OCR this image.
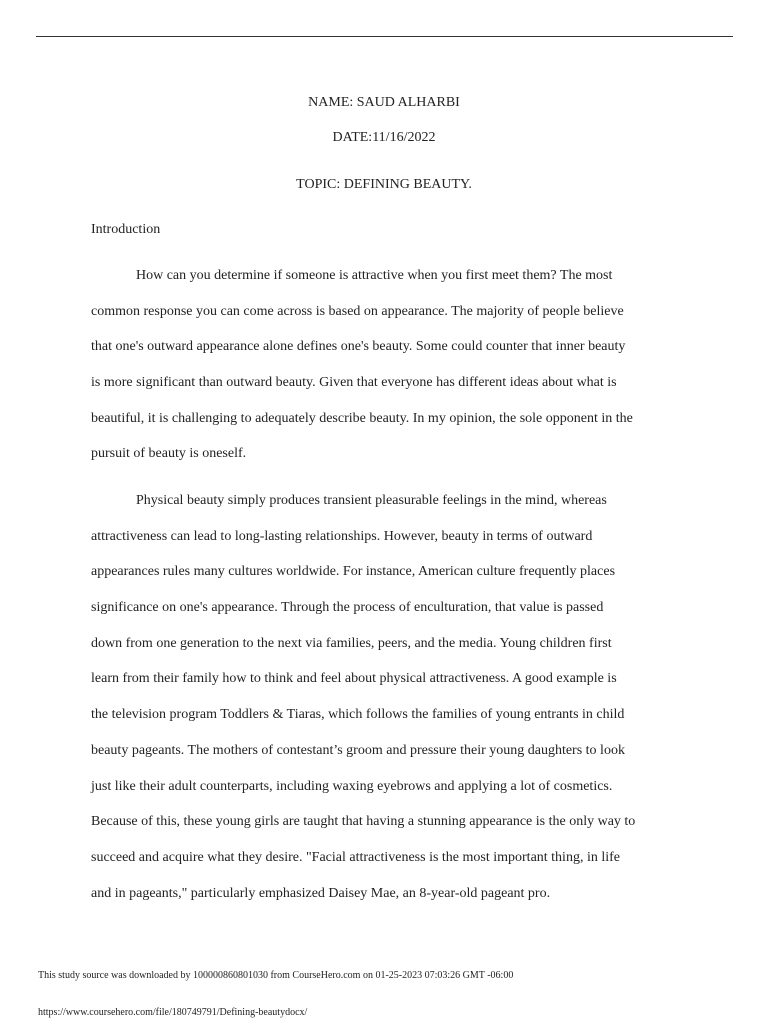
NAME: SAUD ALHARBI
DATE:11/16/2022
TOPIC: DEFINING BEAUTY.
Introduction
How can you determine if someone is attractive when you first meet them? The most
common response you can come across is based on appearance. The majority of people believe
that one's outward appearance alone defines one's beauty. Some could counter that inner beauty
is more significant than outward beauty. Given that everyone has different ideas about what is
beautiful, it is challenging to adequately describe beauty. In my opinion, the sole opponent in the
pursuit of beauty is oneself.
Physical beauty simply produces transient pleasurable feelings in the mind, whereas
attractiveness can lead to long-lasting relationships. However, beauty in terms of outward
appearances rules many cultures worldwide. For instance, American culture frequently places
significance on one's appearance. Through the process of enculturation, that value is passed
down from one generation to the next via families, peers, and the media. Young children first
learn from their family how to think and feel about physical attractiveness. A good example is
the television program Toddlers & Tiaras, which follows the families of young entrants in child
beauty pageants. The mothers of contestant’s groom and pressure their young daughters to look
just like their adult counterparts, including waxing eyebrows and applying a lot of cosmetics.
Because of this, these young girls are taught that having a stunning appearance is the only way to
succeed and acquire what they desire. "Facial attractiveness is the most important thing, in life
and in pageants," particularly emphasized Daisey Mae, an 8-year-old pageant pro.
This study source was downloaded by 100000860801030 from CourseHero.com on 01-25-2023 07:03:26 GMT -06:00
https://www.coursehero.com/file/180749791/Defining-beautydocx/
